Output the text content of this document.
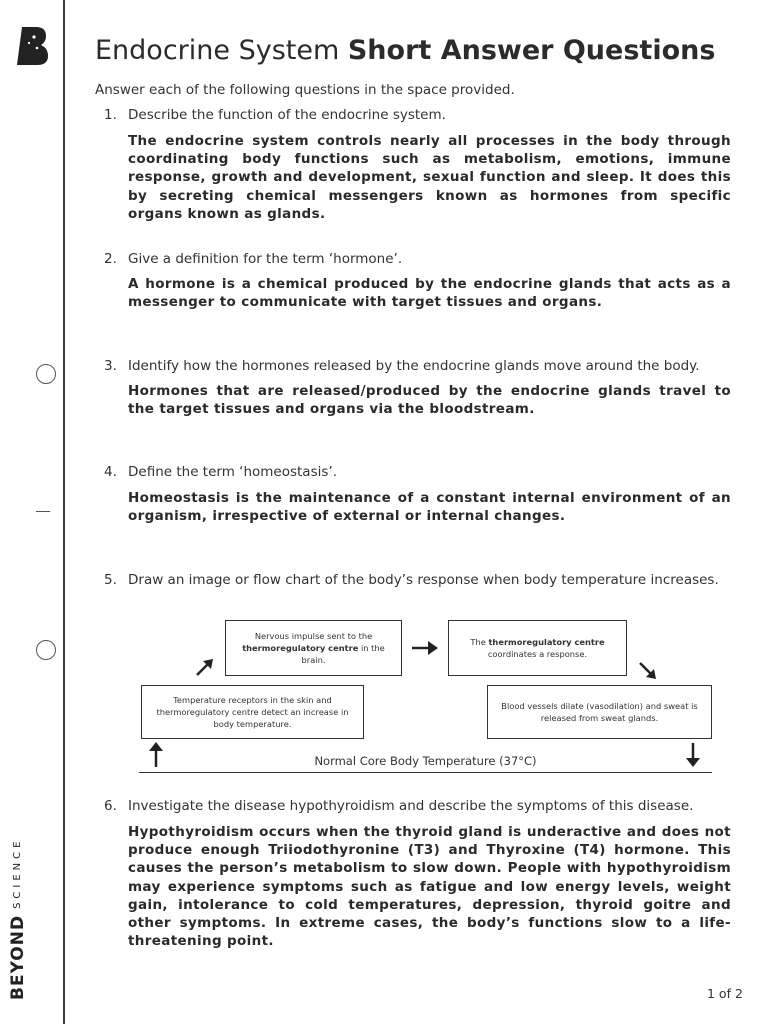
BEYONDSCIENCE
Endocrine System Short Answer Questions
Answer each of the following questions in the space provided.
1. Describe the function of the endocrine system.
The endocrine system controls nearly all processes in the body through coordinating body functions such as metabolism, emotions, immune response, growth and development, sexual function and sleep. It does this by secreting chemical messengers known as hormones from specific organs known as glands.
2. Give a definition for the term ‘hormone’.
A hormone is a chemical produced by the endocrine glands that acts as a messenger to communicate with target tissues and organs.
3. Identify how the hormones released by the endocrine glands move around the body.
Hormones that are released/produced by the endocrine glands travel to the target tissues and organs via the bloodstream.
4. Define the term ‘homeostasis’.
Homeostasis is the maintenance of a constant internal environment of an organism, irrespective of external or internal changes.
5. Draw an image or flow chart of the body’s response when body temperature increases.
Nervous impulse sent to the thermoregulatory centre in the brain.
The thermoregulatory centre coordinates a response.
Temperature receptors in the skin and thermoregulatory centre detect an increase in body temperature.
Blood vessels dilate (vasodilation) and sweat is released from sweat glands.
Normal Core Body Temperature (37°C)
6. Investigate the disease hypothyroidism and describe the symptoms of this disease.
Hypothyroidism occurs when the thyroid gland is underactive and does not produce enough Triiodothyronine (T3) and Thyroxine (T4) hormone. This causes the person’s metabolism to slow down. People with hypothyroidism may experience symptoms such as fatigue and low energy levels, weight gain, intolerance to cold temperatures, depression, thyroid goitre and other symptoms. In extreme cases, the body’s functions slow to a life-threatening point.
1 of 2
